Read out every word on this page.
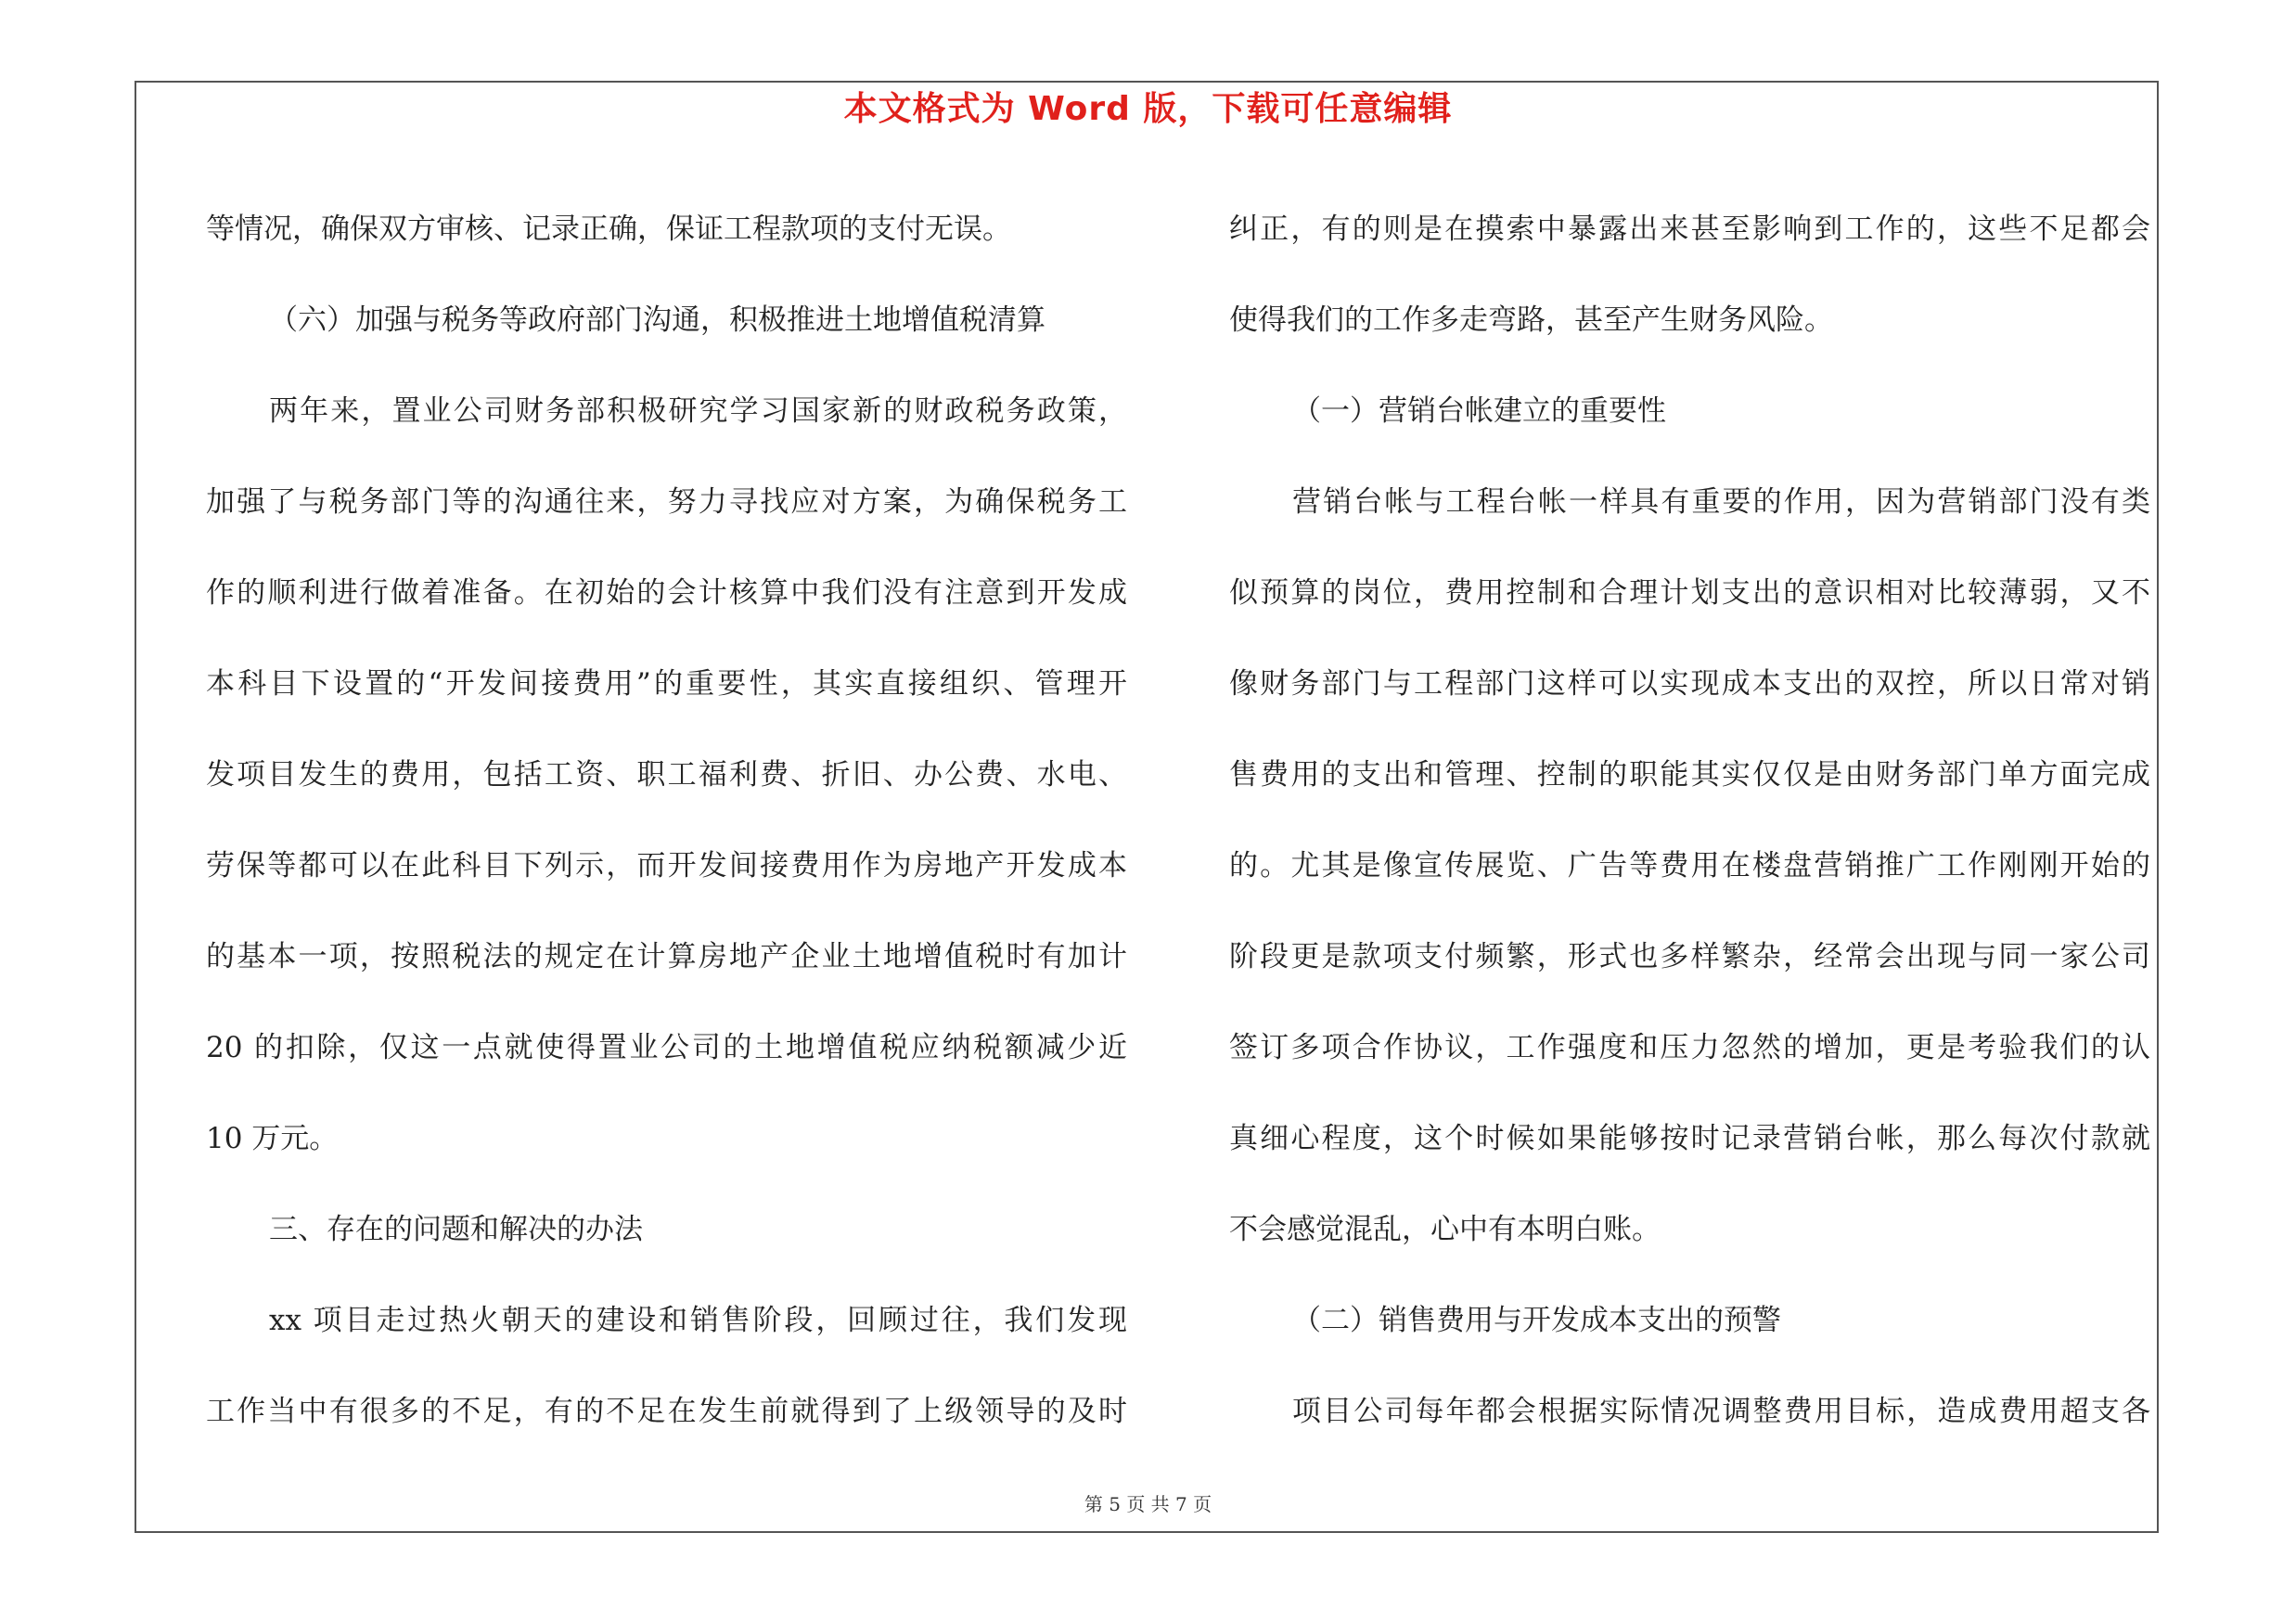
本文格式为 Word 版，下载可任意编辑

等情况，确保双方审核、记录正确，保证工程款项的支付无误。

（六）加强与税务等政府部门沟通，积极推进土地增值税清算

两年来，置业公司财务部积极研究学习国家新的财政税务政策，

加强了与税务部门等的沟通往来，努力寻找应对方案，为确保税务工

作的顺利进行做着准备。在初始的会计核算中我们没有注意到开发成

本科目下设置的“开发间接费用”的重要性，其实直接组织、管理开

发项目发生的费用，包括工资、职工福利费、折旧、办公费、水电、

劳保等都可以在此科目下列示，而开发间接费用作为房地产开发成本

的基本一项，按照税法的规定在计算房地产企业土地增值税时有加计

20 的扣除，仅这一点就使得置业公司的土地增值税应纳税额减少近

10 万元。

三、存在的问题和解决的办法

xx 项目走过热火朝天的建设和销售阶段，回顾过往，我们发现

工作当中有很多的不足，有的不足在发生前就得到了上级领导的及时

纠正，有的则是在摸索中暴露出来甚至影响到工作的，这些不足都会

使得我们的工作多走弯路，甚至产生财务风险。

（一）营销台帐建立的重要性

营销台帐与工程台帐一样具有重要的作用，因为营销部门没有类

似预算的岗位，费用控制和合理计划支出的意识相对比较薄弱，又不

像财务部门与工程部门这样可以实现成本支出的双控，所以日常对销

售费用的支出和管理、控制的职能其实仅仅是由财务部门单方面完成

的。尤其是像宣传展览、广告等费用在楼盘营销推广工作刚刚开始的

阶段更是款项支付频繁，形式也多样繁杂，经常会出现与同一家公司

签订多项合作协议，工作强度和压力忽然的增加，更是考验我们的认

真细心程度，这个时候如果能够按时记录营销台帐，那么每次付款就

不会感觉混乱，心中有本明白账。

（二）销售费用与开发成本支出的预警

项目公司每年都会根据实际情况调整费用目标，造成费用超支各

第 5 页 共 7 页
